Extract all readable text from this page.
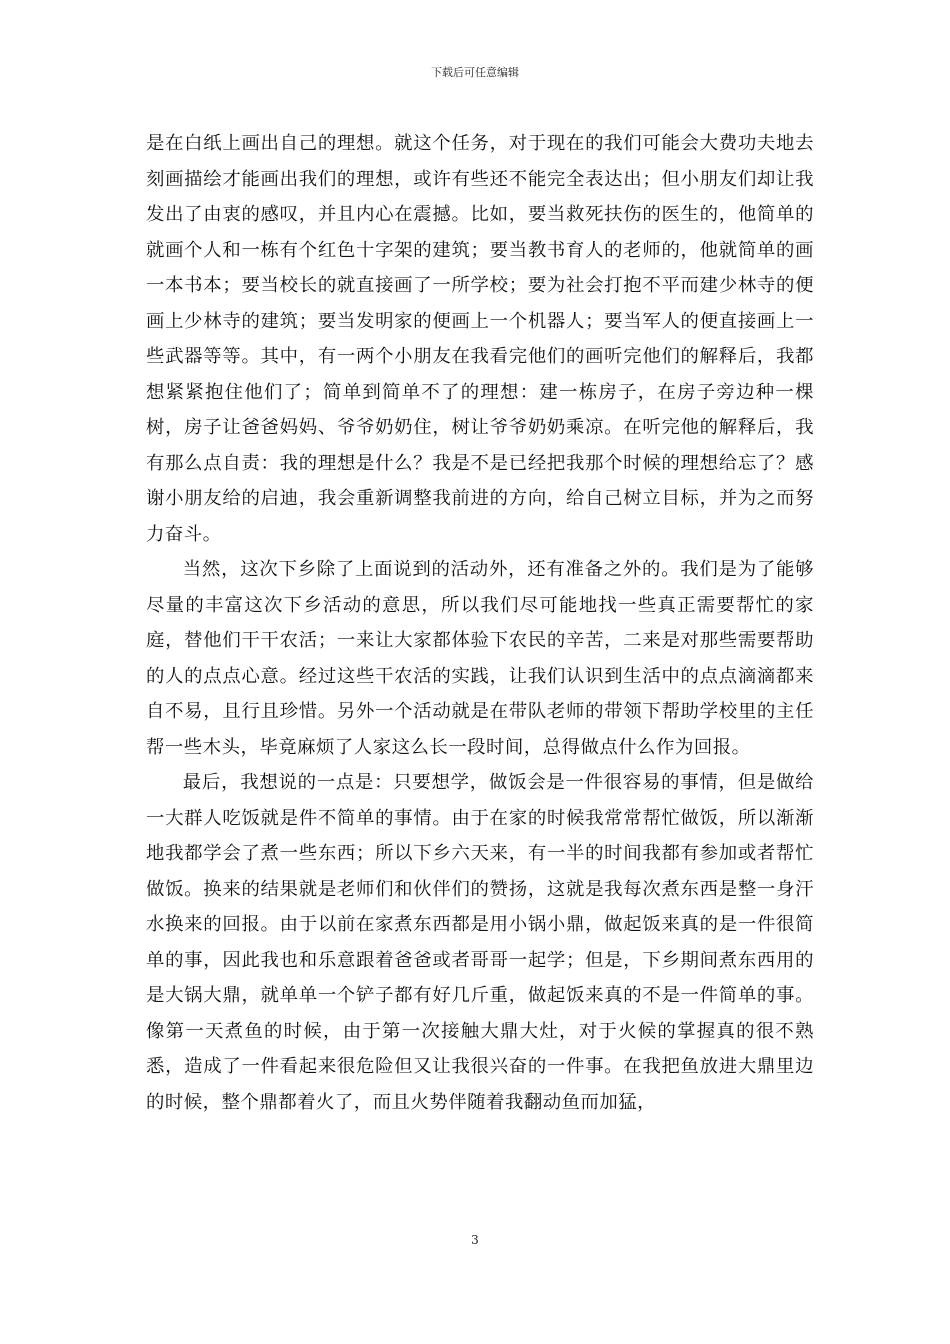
下载后可任意编辑

是在白纸上画出自己的理想。就这个任务，对于现在的我们可能会大费功夫地去刻画描绘才能画出我们的理想，或许有些还不能完全表达出；但小朋友们却让我发出了由衷的感叹，并且内心在震撼。比如，要当救死扶伤的医生的，他简单的就画个人和一栋有个红色十字架的建筑；要当教书育人的老师的，他就简单的画一本书本；要当校长的就直接画了一所学校；要为社会打抱不平而建少林寺的便画上少林寺的建筑；要当发明家的便画上一个机器人；要当军人的便直接画上一些武器等等。其中，有一两个小朋友在我看完他们的画听完他们的解释后，我都想紧紧抱住他们了；简单到简单不了的理想：建一栋房子，在房子旁边种一棵树，房子让爸爸妈妈、爷爷奶奶住，树让爷爷奶奶乘凉。在听完他的解释后，我有那么点自责：我的理想是什么？我是不是已经把我那个时候的理想给忘了？感谢小朋友给的启迪，我会重新调整我前进的方向，给自己树立目标，并为之而努力奋斗。

当然，这次下乡除了上面说到的活动外，还有准备之外的。我们是为了能够尽量的丰富这次下乡活动的意思，所以我们尽可能地找一些真正需要帮忙的家庭，替他们干干农活；一来让大家都体验下农民的辛苦，二来是对那些需要帮助的人的点点心意。经过这些干农活的实践，让我们认识到生活中的点点滴滴都来自不易，且行且珍惜。另外一个活动就是在带队老师的带领下帮助学校里的主任帮一些木头，毕竟麻烦了人家这么长一段时间，总得做点什么作为回报。

最后，我想说的一点是：只要想学，做饭会是一件很容易的事情，但是做给一大群人吃饭就是件不简单的事情。由于在家的时候我常常帮忙做饭，所以渐渐地我都学会了煮一些东西；所以下乡六天来，有一半的时间我都有参加或者帮忙做饭。换来的结果就是老师们和伙伴们的赞扬，这就是我每次煮东西是整一身汗水换来的回报。由于以前在家煮东西都是用小锅小鼎，做起饭来真的是一件很简单的事，因此我也和乐意跟着爸爸或者哥哥一起学；但是，下乡期间煮东西用的是大锅大鼎，就单单一个铲子都有好几斤重，做起饭来真的不是一件简单的事。像第一天煮鱼的时候，由于第一次接触大鼎大灶，对于火候的掌握真的很不熟悉，造成了一件看起来很危险但又让我很兴奋的一件事。在我把鱼放进大鼎里边的时候，整个鼎都着火了，而且火势伴随着我翻动鱼而加猛，

3
